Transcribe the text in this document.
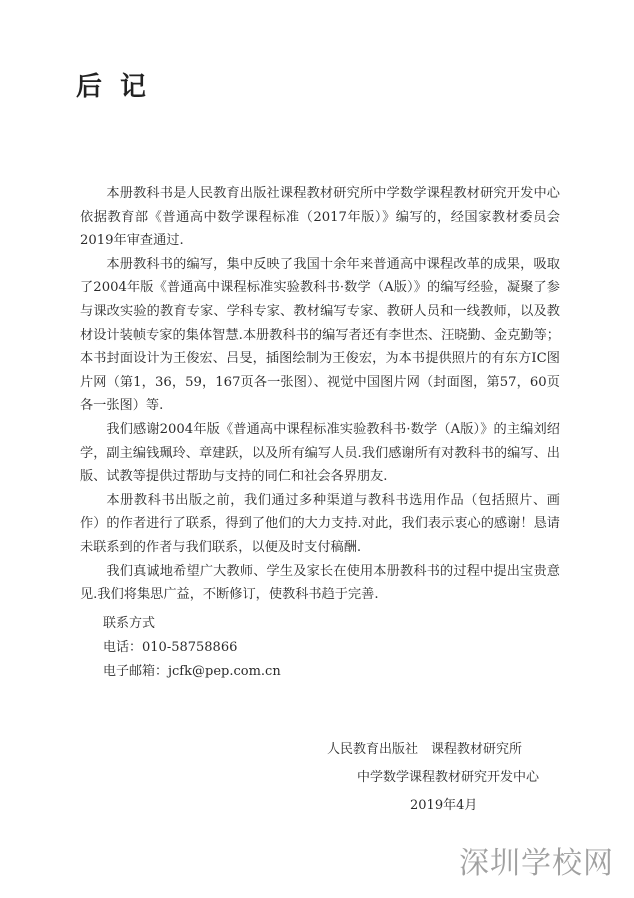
后记

本册教科书是人民教育出版社课程教材研究所中学数学课程教材研究开发中心依据教育部《普通高中数学课程标准（2017年版）》编写的，经国家教材委员会2019年审查通过.

本册教科书的编写，集中反映了我国十余年来普通高中课程改革的成果，吸取了2004年版《普通高中课程标准实验教科书·数学（A版）》的编写经验，凝聚了参与课改实验的教育专家、学科专家、教材编写专家、教研人员和一线教师，以及教材设计装帧专家的集体智慧.本册教科书的编写者还有李世杰、汪晓勤、金克勤等；本书封面设计为王俊宏、吕旻，插图绘制为王俊宏，为本书提供照片的有东方IC图片网（第1，36，59，167页各一张图）、视觉中国图片网（封面图，第57，60页各一张图）等.

我们感谢2004年版《普通高中课程标准实验教科书·数学（A版）》的主编刘绍学，副主编钱珮玲、章建跃，以及所有编写人员.我们感谢所有对教科书的编写、出版、试教等提供过帮助与支持的同仁和社会各界朋友.

本册教科书出版之前，我们通过多种渠道与教科书选用作品（包括照片、画作）的作者进行了联系，得到了他们的大力支持.对此，我们表示衷心的感谢！恳请未联系到的作者与我们联系，以便及时支付稿酬.

我们真诚地希望广大教师、学生及家长在使用本册教科书的过程中提出宝贵意见.我们将集思广益，不断修订，使教科书趋于完善.

联系方式
电话：010-58758866
电子邮箱：jcfk@pep.com.cn
人民教育出版社　课程教材研究所
中学数学课程教材研究开发中心
2019年4月
深圳学校网
